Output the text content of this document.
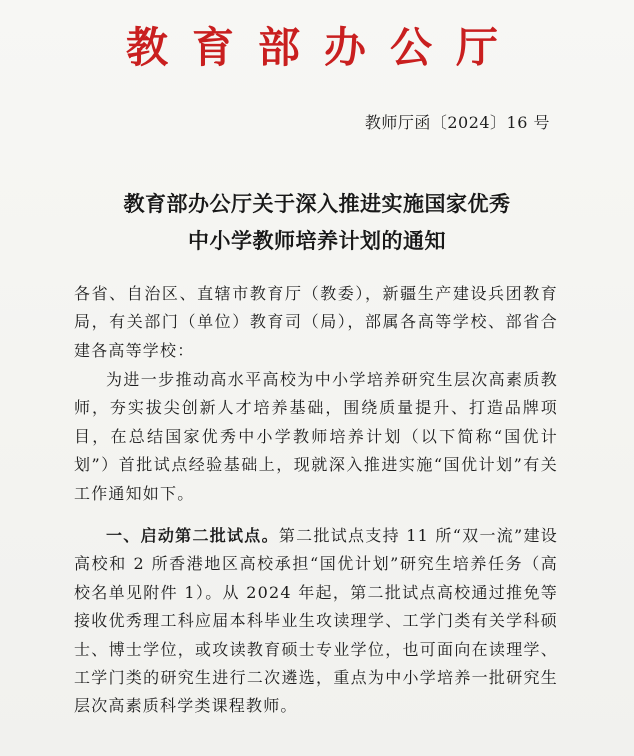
教育部办公厅
教师厅函〔2024〕16 号
教育部办公厅关于深入推进实施国家优秀
中小学教师培养计划的通知
各省、自治区、直辖市教育厅（教委），新疆生产建设兵团教育局，有关部门（单位）教育司（局），部属各高等学校、部省合建各高等学校：
为进一步推动高水平高校为中小学培养研究生层次高素质教师，夯实拔尖创新人才培养基础，围绕质量提升、打造品牌项目，在总结国家优秀中小学教师培养计划（以下简称“国优计划”）首批试点经验基础上，现就深入推进实施“国优计划”有关工作通知如下。
一、启动第二批试点。第二批试点支持 11 所“双一流”建设高校和 2 所香港地区高校承担“国优计划”研究生培养任务（高校名单见附件 1）。从 2024 年起，第二批试点高校通过推免等接收优秀理工科应届本科毕业生攻读理学、工学门类有关学科硕士、博士学位，或攻读教育硕士专业学位，也可面向在读理学、工学门类的研究生进行二次遴选，重点为中小学培养一批研究生层次高素质科学类课程教师。
